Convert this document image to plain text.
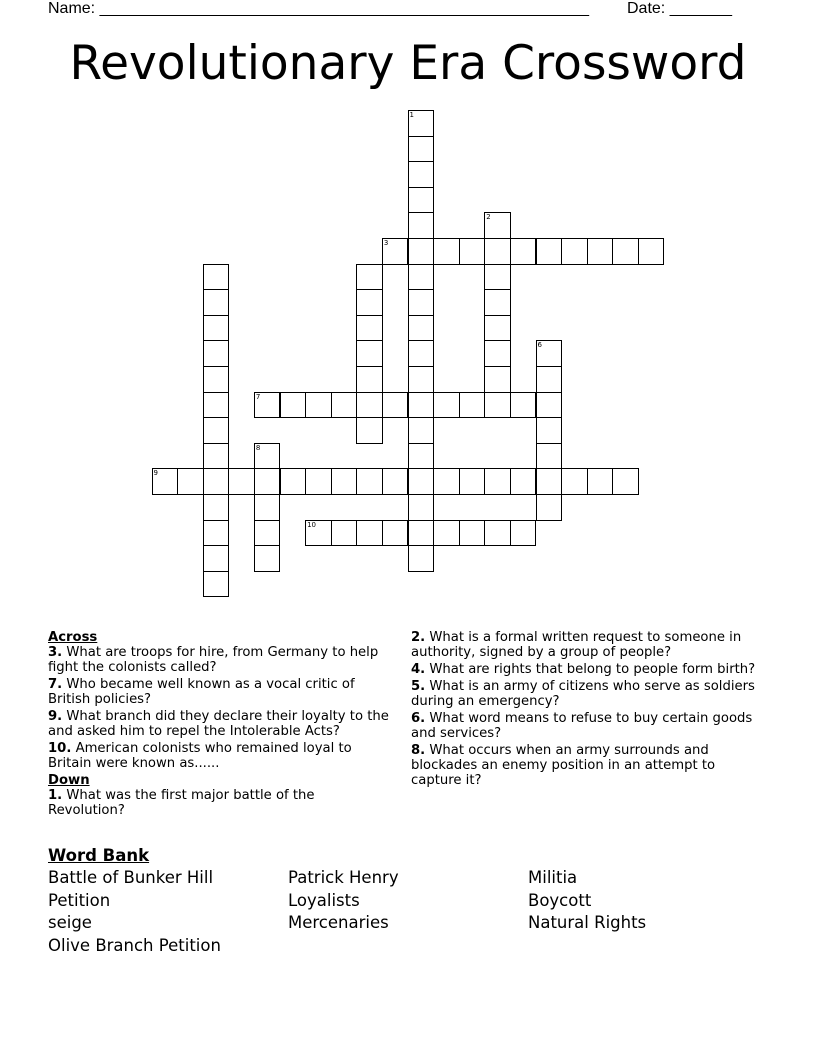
Name: _______________________________________________________ Date: _______
Revolutionary Era Crossword
1
2
3
6
7
8
9
10
Across
3. What are troops for hire, from Germany to help fight the colonists called?
7. Who became well known as a vocal critic of British policies?
9. What branch did they declare their loyalty to the and asked him to repel the Intolerable Acts?
10. American colonists who remained loyal to Britain were known as......
Down
1. What was the first major battle of the Revolution?
2. What is a formal written request to someone in authority, signed by a group of people?
4. What are rights that belong to people form birth?
5. What is an army of citizens who serve as soldiers during an emergency?
6. What word means to refuse to buy certain goods and services?
8. What occurs when an army surrounds and blockades an enemy position in an attempt to capture it?
Word Bank
Battle of Bunker Hill
Petition
seige
Olive Branch Petition
Patrick Henry
Loyalists
Mercenaries
Militia
Boycott
Natural Rights
